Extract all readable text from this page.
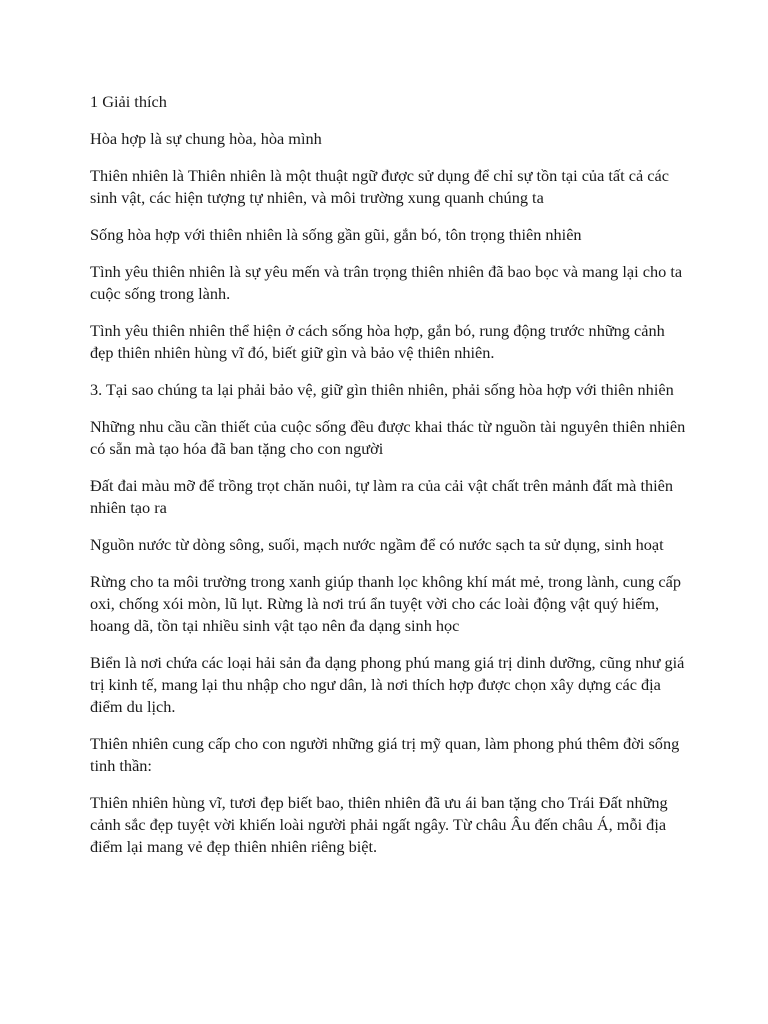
1 Giải thích

Hòa hợp là sự chung hòa, hòa mình

Thiên nhiên là Thiên nhiên là một thuật ngữ được sử dụng để chỉ sự tồn tại của tất cả các sinh vật, các hiện tượng tự nhiên, và môi trường xung quanh chúng ta

Sống hòa hợp với thiên nhiên là sống gần gũi, gắn bó, tôn trọng thiên nhiên

Tình yêu thiên nhiên là sự yêu mến và trân trọng thiên nhiên đã bao bọc và mang lại cho ta cuộc sống trong lành.

Tình yêu thiên nhiên thể hiện ở cách sống hòa hợp, gắn bó, rung động trước những cảnh đẹp thiên nhiên hùng vĩ đó, biết giữ gìn và bảo vệ thiên nhiên.

3. Tại sao chúng ta lại phải bảo vệ, giữ gìn thiên nhiên, phải sống hòa hợp với thiên nhiên

Những nhu cầu cần thiết của cuộc sống đều được khai thác từ nguồn tài nguyên thiên nhiên có sẵn mà tạo hóa đã ban tặng cho con người

Đất đai màu mỡ để trồng trọt chăn nuôi, tự làm ra của cải vật chất trên mảnh đất mà thiên nhiên tạo ra

Nguồn nước từ dòng sông, suối, mạch nước ngầm để có nước sạch ta sử dụng, sinh hoạt

Rừng cho ta môi trường trong xanh giúp thanh lọc không khí mát mẻ, trong lành, cung cấp oxi, chống xói mòn, lũ lụt. Rừng là nơi trú ẩn tuyệt vời cho các loài động vật quý hiếm, hoang dã, tồn tại nhiều sinh vật tạo nên đa dạng sinh học

Biển là nơi chứa các loại hải sản đa dạng phong phú mang giá trị dinh dưỡng, cũng như giá trị kinh tế, mang lại thu nhập cho ngư dân, là nơi thích hợp được chọn xây dựng các địa điểm du lịch.

Thiên nhiên cung cấp cho con người những giá trị mỹ quan, làm phong phú thêm đời sống tinh thần:

Thiên nhiên hùng vĩ, tươi đẹp biết bao, thiên nhiên đã ưu ái ban tặng cho Trái Đất những cảnh sắc đẹp tuyệt vời khiến loài người phải ngất ngây. Từ châu Âu đến châu Á, mỗi địa điểm lại mang vẻ đẹp thiên nhiên riêng biệt.
